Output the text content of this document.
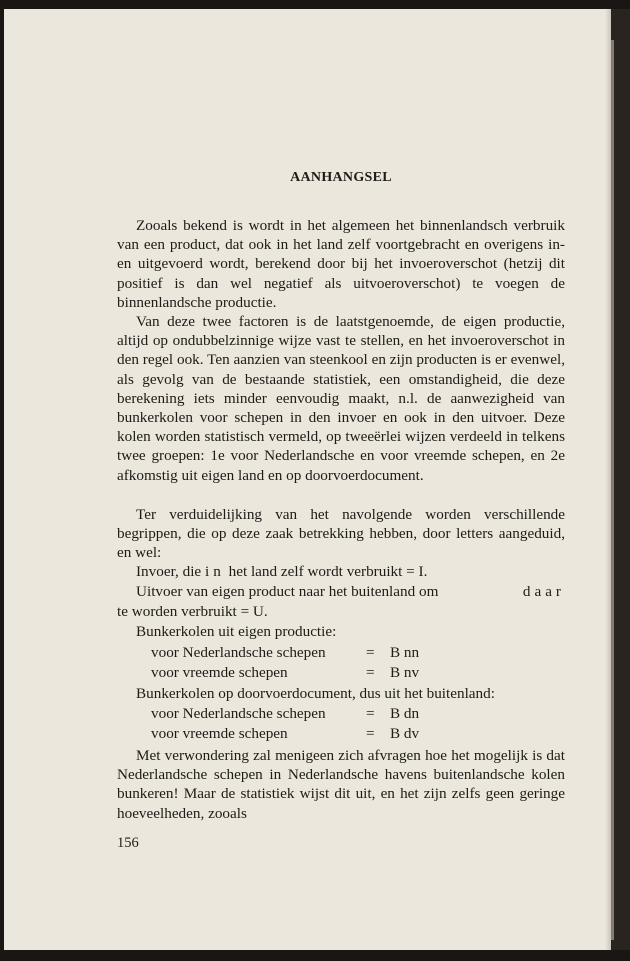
AANHANGSEL
Zooals bekend is wordt in het algemeen het binnenlandsch verbruik van een product, dat ook in het land zelf voortgebracht en overigens in- en uitgevoerd wordt, berekend door bij het invoeroverschot (hetzij dit positief is dan wel negatief als uitvoeroverschot) te voegen de binnenlandsche productie.
Van deze twee factoren is de laatstgenoemde, de eigen productie, altijd op ondubbelzinnige wijze vast te stellen, en het invoeroverschot in den regel ook. Ten aanzien van steenkool en zijn producten is er evenwel, als gevolg van de bestaande statistiek, een omstandigheid, die deze berekening iets minder eenvoudig maakt, n.l. de aanwezigheid van bunkerkolen voor schepen in den invoer en ook in den uitvoer. Deze kolen worden statistisch vermeld, op tweeërlei wijzen verdeeld in telkens twee groepen: 1e voor Nederlandsche en voor vreemde schepen, en 2e afkomstig uit eigen land en op doorvoerdocument.
Ter verduidelijking van het navolgende worden verschillende begrippen, die op deze zaak betrekking hebben, door letters aangeduid, en wel:
Invoer, die in het land zelf wordt verbruikt = I.
Uitvoer van eigen product naar het buitenland om	daar
te worden verbruikt = U.
Bunkerkolen uit eigen productie:
voor Nederlandsche schepen	= B nn
voor vreemde schepen	= B nv
Bunkerkolen op doorvoerdocument, dus uit het buitenland:
voor Nederlandsche schepen	= B dn
voor vreemde schepen	= B dv
Met verwondering zal menigeen zich afvragen hoe het mogelijk is dat Nederlandsche schepen in Nederlandsche havens buitenlandsche kolen bunkeren! Maar de statistiek wijst dit uit, en het zijn zelfs geen geringe hoeveelheden, zooals
156
